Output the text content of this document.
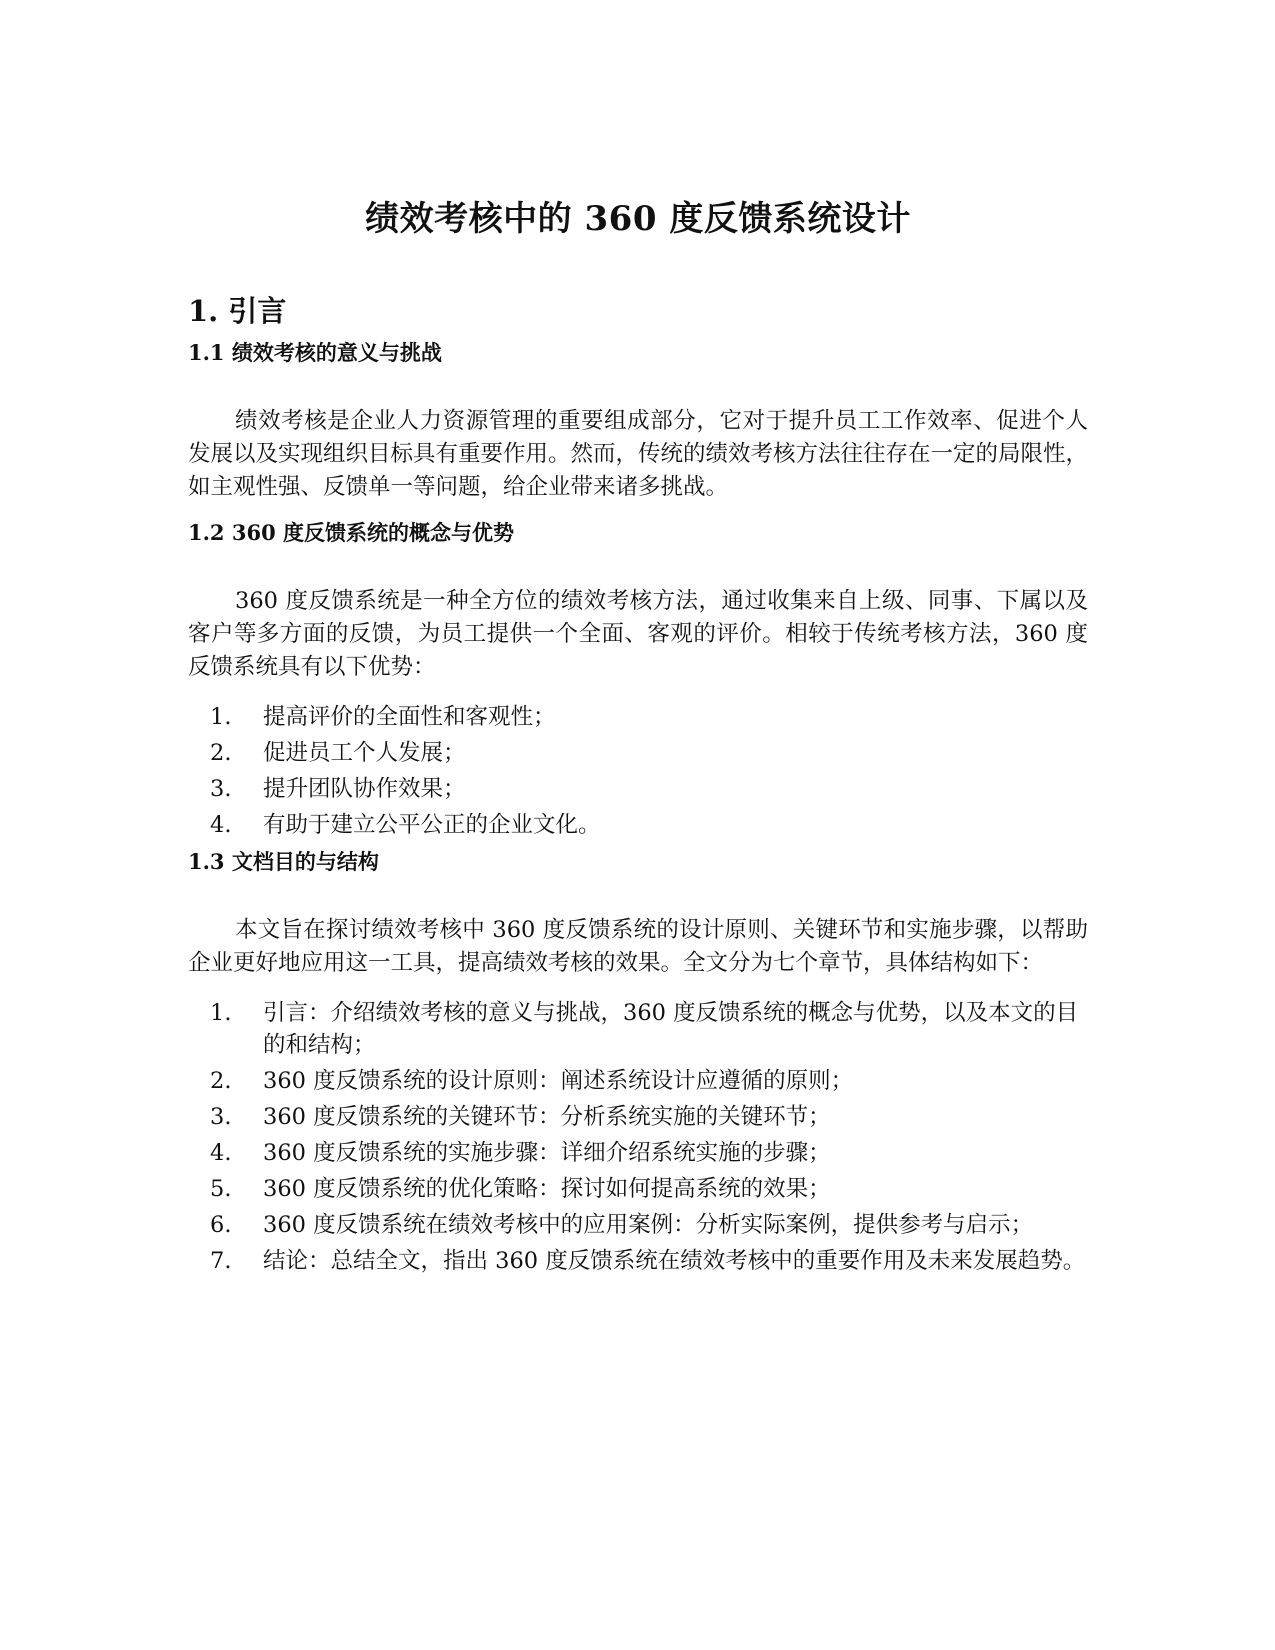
绩效考核中的 360 度反馈系统设计
1. 引言
1.1 绩效考核的意义与挑战

绩效考核是企业人力资源管理的重要组成部分，它对于提升员工工作效率、促进个人发展以及实现组织目标具有重要作用。然而，传统的绩效考核方法往往存在一定的局限性，如主观性强、反馈单一等问题，给企业带来诸多挑战。

1.2 360 度反馈系统的概念与优势

360 度反馈系统是一种全方位的绩效考核方法，通过收集来自上级、同事、下属以及客户等多方面的反馈，为员工提供一个全面、客观的评价。相较于传统考核方法，360 度反馈系统具有以下优势：

1.	提高评价的全面性和客观性；
2.	促进员工个人发展；
3.	提升团队协作效果；
4.	有助于建立公平公正的企业文化。
1.3 文档目的与结构

本文旨在探讨绩效考核中 360 度反馈系统的设计原则、关键环节和实施步骤，以帮助企业更好地应用这一工具，提高绩效考核的效果。全文分为七个章节，具体结构如下：

1.	引言：介绍绩效考核的意义与挑战，360 度反馈系统的概念与优势，以及本文的目的和结构；
2.	360 度反馈系统的设计原则：阐述系统设计应遵循的原则；
3.	360 度反馈系统的关键环节：分析系统实施的关键环节；
4.	360 度反馈系统的实施步骤：详细介绍系统实施的步骤；
5.	360 度反馈系统的优化策略：探讨如何提高系统的效果；
6.	360 度反馈系统在绩效考核中的应用案例：分析实际案例，提供参考与启示；
7.	结论：总结全文，指出 360 度反馈系统在绩效考核中的重要作用及未来发展趋势。
